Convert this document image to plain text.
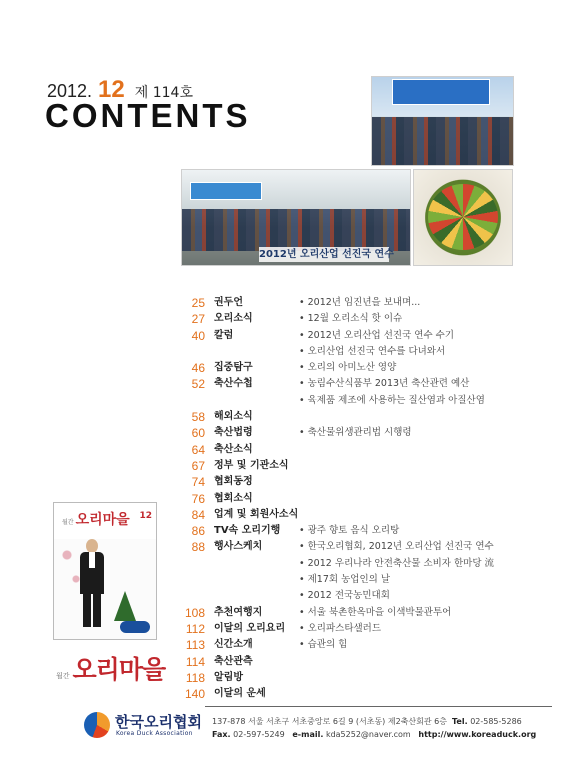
2012. 12 제 114호
CONTENTS
2012년 오리산업 선진국 연수
25 권두언	• 2012년 임진년을 보내며...
27 오리소식	• 12월 오리소식 핫 이슈
40 칼럼	• 2012년 오리산업 선진국 연수 수기
• 오리산업 선진국 연수를 다녀와서
46 집중탐구	• 오리의 아미노산 영양
52 축산수첩	• 농림수산식품부 2013년 축산관련 예산
• 육제품 제조에 사용하는 질산염과 아질산염
58 해외소식
60 축산법령	• 축산물위생관리법 시행령
64 축산소식
67 정부 및 기관소식
74 협회동정
76 협회소식
84 업계 및 회원사소식
86 TV속 오리기행 • 광주 향토 음식 오리탕
88 행사스케치	• 한국오리협회, 2012년 오리산업 선진국 연수
• 2012 우리나라 안전축산물 소비자 한마당 流
• 제17회 농업인의 날
• 2012 전국농민대회
108 추천여행지	• 서울 북촌한옥마을 이색박물관투어
112 이달의 오리요리 • 오리파스타샐러드
113 신간소개	• 습관의 힘
114 축산관측
118 알림방
140 이달의 운세
월간 오리마을 12
월간 오리마을
한국오리협회
Korea Duck Association
137-878 서울 서초구 서초중앙로 6길 9 (서초동) 제2축산회관 6층 Tel. 02-585-5286
Fax. 02-597-5249 e-mail. kda5252@naver.com http://www.koreaduck.org
